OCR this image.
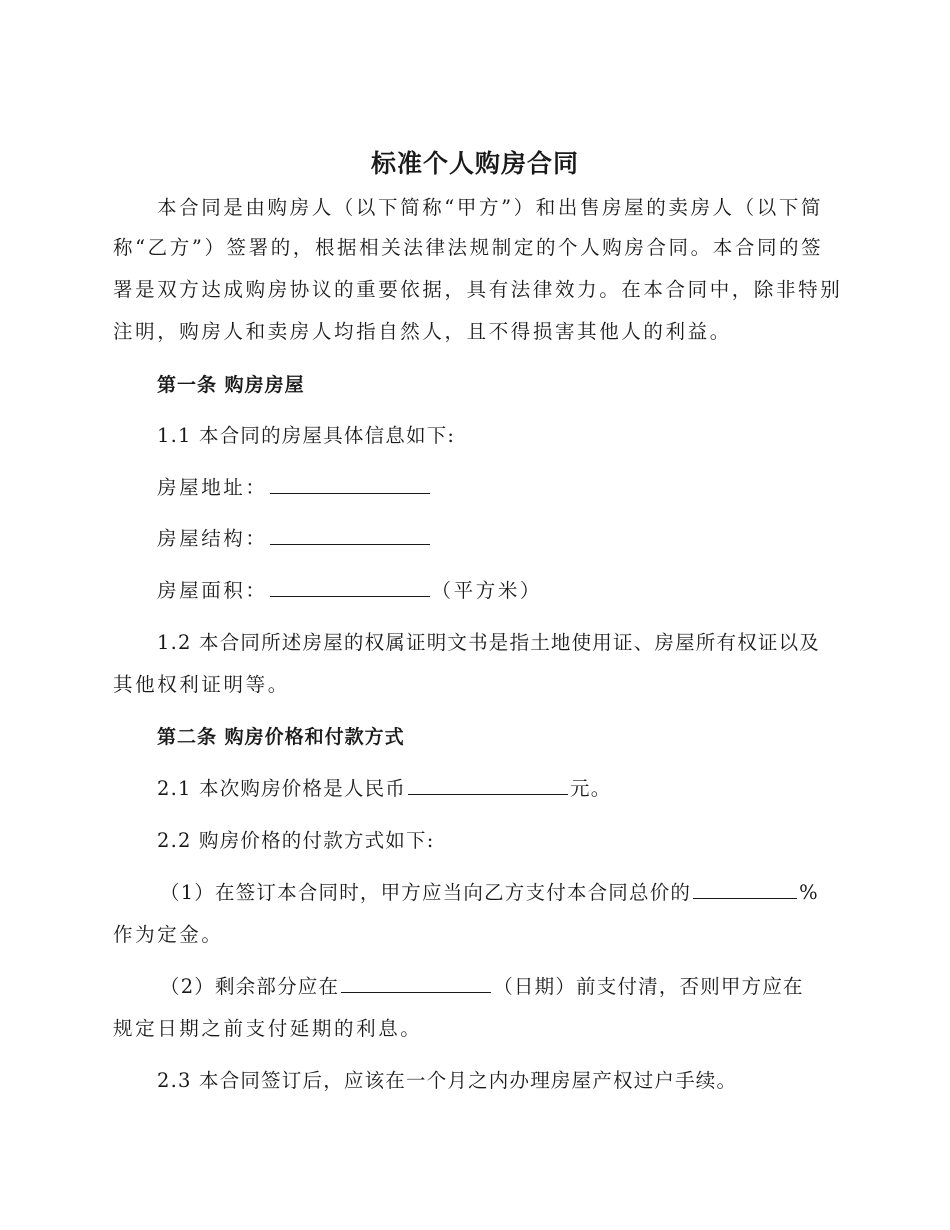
标准个人购房合同
本合同是由购房人（以下简称“甲方”）和出售房屋的卖房人（以下简
称“乙方”）签署的，根据相关法律法规制定的个人购房合同。本合同的签
署是双方达成购房协议的重要依据，具有法律效力。在本合同中，除非特别
注明，购房人和卖房人均指自然人，且不得损害其他人的利益。
第一条 购房房屋
1.1 本合同的房屋具体信息如下:
房屋地址：
房屋结构：
房屋面积：	（平方米）
1.2 本合同所述房屋的权属证明文书是指土地使用证、房屋所有权证以及
其他权利证明等。
第二条 购房价格和付款方式
2.1 本次购房价格是人民币	元。
2.2 购房价格的付款方式如下:
（1）在签订本合同时，甲方应当向乙方支付本合同总价的	%
作为定金。
（2）剩余部分应在	（日期）前支付清，否则甲方应在
规定日期之前支付延期的利息。
2.3 本合同签订后，应该在一个月之内办理房屋产权过户手续。
